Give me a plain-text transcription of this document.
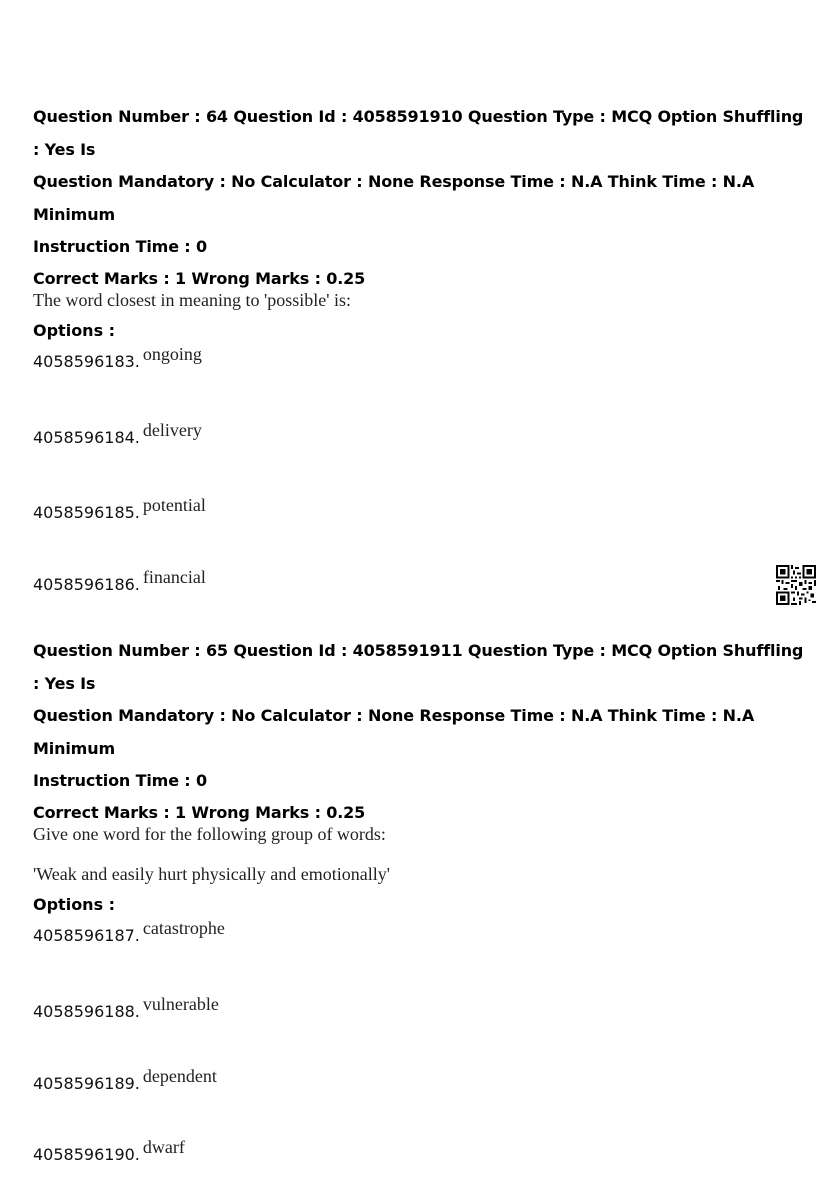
Question Number : 64 Question Id : 4058591910 Question Type : MCQ Option Shuffling : Yes Is

Question Mandatory : No Calculator : None Response Time : N.A Think Time : N.A Minimum

Instruction Time : 0

Correct Marks : 1 Wrong Marks : 0.25

The word closest in meaning to 'possible' is:

Options :

4058596183. ongoing
4058596184. delivery
4058596185. potential
4058596186. financial

Question Number : 65 Question Id : 4058591911 Question Type : MCQ Option Shuffling : Yes Is

Question Mandatory : No Calculator : None Response Time : N.A Think Time : N.A Minimum

Instruction Time : 0

Correct Marks : 1 Wrong Marks : 0.25

Give one word for the following group of words:

'Weak and easily hurt physically and emotionally'

Options :

4058596187. catastrophe
4058596188. vulnerable
4058596189. dependent
4058596190. dwarf
